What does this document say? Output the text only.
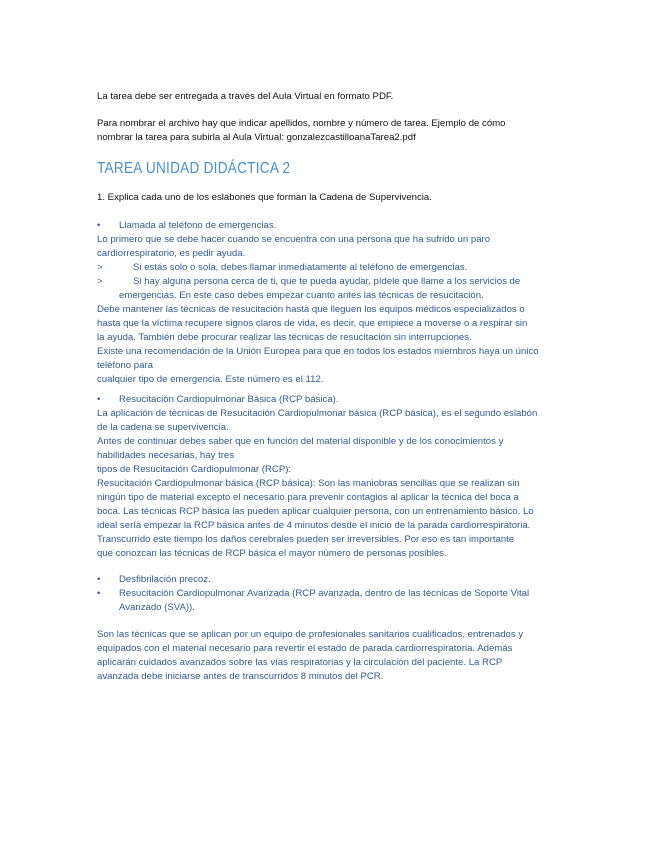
La tarea debe ser entregada a través del Aula Virtual en formato PDF.

Para nombrar el archivo hay que indicar apellidos, nombre y número de tarea. Ejemplo de cómo

nombrar la tarea para subirla al Aula Virtual: gonzalezcastilloanaTarea2.pdf

TAREA UNIDAD DIDÁCTICA 2

1. Explica cada uno de los eslabones que forman la Cadena de Supervivencia.

• Llamada al teléfono de emergencias.

Lo primero que se debe hacer cuando se encuentra con una persona que ha sufrido un paro

cardiorrespiratorio, es pedir ayuda.

>	Si estás solo o sola, debes llamar inmediatamente al teléfono de emergencias.

>	Si hay alguna persona cerca de ti, que te pueda ayudar, pídele que llame a los servicios de

emergencias. En este caso debes empezar cuanto antes las técnicas de resucitación.

Debe mantener las técnicas de resucitación hasta que lleguen los equipos médicos especializados o

hasta que la víctima recupere signos claros de vida, es decir, que empiece a moverse o a respirar sin

la ayuda. También debe procurar realizar las técnicas de resucitación sin interrupciones.

Existe una recomendación de la Unión Europea para que en todos los estados miembros haya un único

teléfono para

cualquier tipo de emergencia. Este número es el 112.

• Resucitación Cardiopulmonar Básica (RCP básica).

La aplicación de técnicas de Resucitación Cardiopulmonar básica (RCP básica), es el segundo eslabón

de la cadena se supervivencia.

Antes de continuar debes saber que en función del material disponible y de los conocimientos y

habilidades necesarias, hay tres

tipos de Resucitación Cardiopulmonar (RCP):

Resucitación Cardiopulmonar básica (RCP básica): Son las maniobras sencillas que se realizan sin

ningún tipo de material excepto el necesario para prevenir contagios al aplicar la técnica del boca a

boca. Las técnicas RCP básica las pueden aplicar cualquier persona, con un entrenamiento básico. Lo

ideal sería empezar la RCP básica antes de 4 minutos desde el inicio de la parada cardiorrespiratoria.

Transcurrido este tiempo los daños cerebrales pueden ser irreversibles. Por eso es tan importante

que conozcan las técnicas de RCP básica el mayor número de personas posibles.

• Desfibrilación precoz.

• Resucitación Cardiopulmonar Avanzada (RCP avanzada, dentro de las técnicas de Soporte Vital

Avanzado (SVA)).

Son las técnicas que se aplican por un equipo de profesionales sanitarios cualificados, entrenados y

equipados con el material necesario para revertir el estado de parada cardiorrespiratoria. Además

aplicarán cuidados avanzados sobre las vías respiratorias y la circulación del paciente. La RCP

avanzada debe iniciarse antes de transcurridos 8 minutos del PCR.
